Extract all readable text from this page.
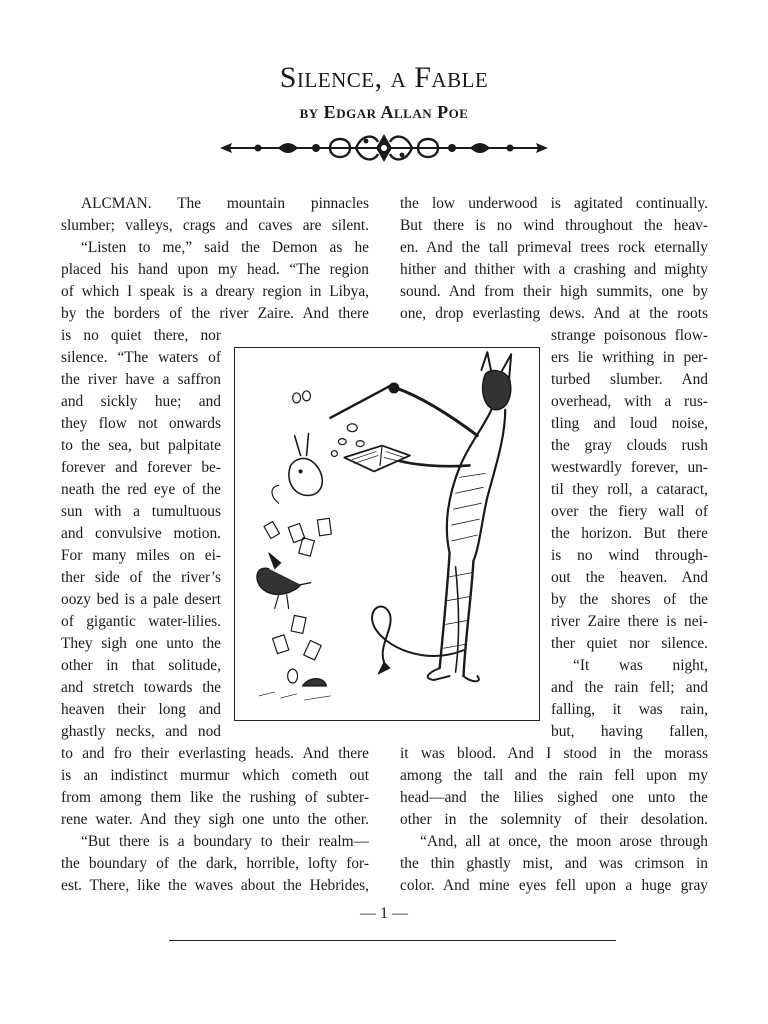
Silence, a Fable
by Edgar Allan Poe
ALCMAN. The mountain pinnacles
slumber; valleys, crags and caves are silent.
“Listen to me,” said the Demon as he
placed his hand upon my head. “The region
of which I speak is a dreary region in Libya,
by the borders of the river Zaire. And there
is no quiet there, nor
silence. “The waters of
the river have a saffron
and sickly hue; and
they flow not onwards
to the sea, but palpitate
forever and forever be-
neath the red eye of the
sun with a tumultuous
and convulsive motion.
For many miles on ei-
ther side of the river’s
oozy bed is a pale desert
of gigantic water-lilies.
They sigh one unto the
other in that solitude,
and stretch towards the
heaven their long and
ghastly necks, and nod
to and fro their everlasting heads. And there
is an indistinct murmur which cometh out
from among them like the rushing of subter-
rene water. And they sigh one unto the other.
“But there is a boundary to their realm—
the boundary of the dark, horrible, lofty for-
est. There, like the waves about the Hebrides,
the low underwood is agitated continually.
But there is no wind throughout the heav-
en. And the tall primeval trees rock eternally
hither and thither with a crashing and mighty
sound. And from their high summits, one by
one, drop everlasting dews. And at the roots
strange poisonous flow-
ers lie writhing in per-
turbed slumber. And
overhead, with a rus-
tling and loud noise,
the gray clouds rush
westwardly forever, un-
til they roll, a cataract,
over the fiery wall of
the horizon. But there
is no wind through-
out the heaven. And
by the shores of the
river Zaire there is nei-
ther quiet nor silence.
“It was night,
and the rain fell; and
falling, it was rain,
but, having fallen,
it was blood. And I stood in the morass
among the tall and the rain fell upon my
head—and the lilies sighed one unto the
other in the solemnity of their desolation.
“And, all at once, the moon arose through
the thin ghastly mist, and was crimson in
color. And mine eyes fell upon a huge gray
— 1 —
